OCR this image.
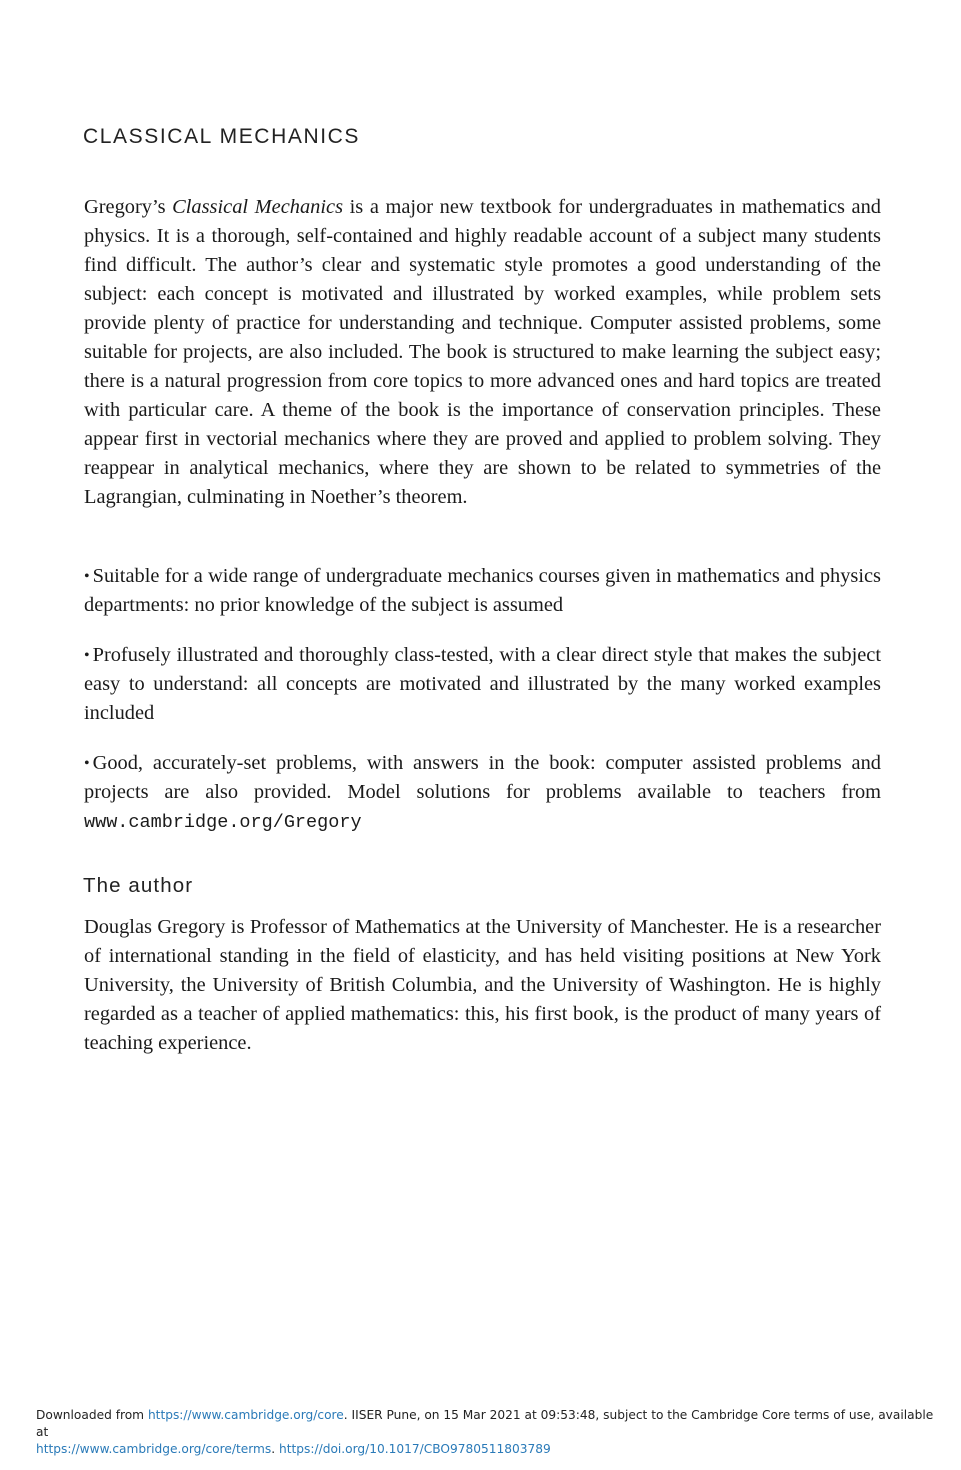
CLASSICAL MECHANICS

Gregory’s Classical Mechanics is a major new textbook for undergraduates in mathematics and physics. It is a thorough, self-contained and highly readable account of a subject many students find difficult. The author’s clear and systematic style promotes a good understanding of the subject: each concept is motivated and illustrated by worked examples, while problem sets provide plenty of practice for understanding and technique. Computer assisted problems, some suitable for projects, are also included. The book is structured to make learning the subject easy; there is a natural progression from core topics to more advanced ones and hard topics are treated with particular care. A theme of the book is the importance of conservation principles. These appear first in vectorial mechanics where they are proved and applied to problem solving. They reappear in analytical mechanics, where they are shown to be related to symmetries of the Lagrangian, culminating in Noether’s theorem.

• Suitable for a wide range of undergraduate mechanics courses given in mathematics and physics departments: no prior knowledge of the subject is assumed

• Profusely illustrated and thoroughly class-tested, with a clear direct style that makes the subject easy to understand: all concepts are motivated and illustrated by the many worked examples included

• Good, accurately-set problems, with answers in the book: computer assisted problems and projects are also provided. Model solutions for problems available to teachers from www.cambridge.org/Gregory

The author

Douglas Gregory is Professor of Mathematics at the University of Manchester. He is a researcher of international standing in the field of elasticity, and has held visiting positions at New York University, the University of British Columbia, and the University of Washington. He is highly regarded as a teacher of applied mathematics: this, his first book, is the product of many years of teaching experience.

Downloaded from https://www.cambridge.org/core. IISER Pune, on 15 Mar 2021 at 09:53:48, subject to the Cambridge Core terms of use, available at
https://www.cambridge.org/core/terms. https://doi.org/10.1017/CBO9780511803789
